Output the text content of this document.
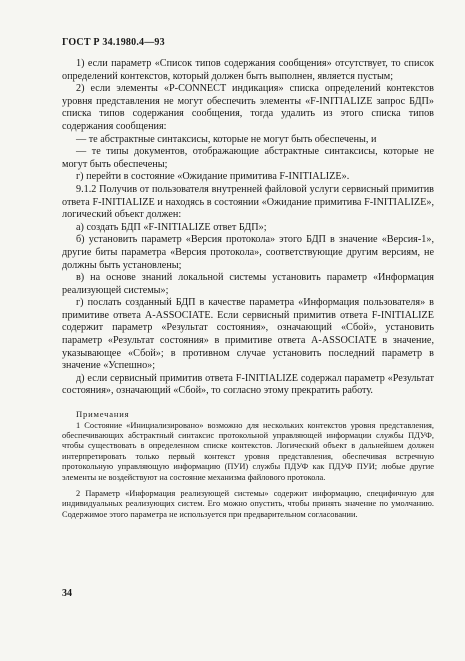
ГОСТ Р 34.1980.4—93

1) если параметр «Список типов содержания сообщения» отсутствует, то список определений контекстов, который должен быть выполнен, является пустым;

2) если элементы «P-CONNECT индикация» списка определений контекстов уровня представления не могут обеспечить элементы «F-INITIALIZE запрос БДП» списка типов содержания сообщения, тогда удалить из этого списка типов содержания сообщения:

— те абстрактные синтаксисы, которые не могут быть обеспечены, и

— те типы документов, отображающие абстрактные синтаксисы, которые не могут быть обеспечены;

г) перейти в состояние «Ожидание примитива F-INITIALIZE».

9.1.2 Получив от пользователя внутренней файловой услуги сервисный примитив ответа F-INITIALIZE и находясь в состоянии «Ожидание примитива F-INITIALIZE», логический объект должен:

а) создать БДП «F-INITIALIZE ответ БДП»;

б) установить параметр «Версия протокола» этого БДП в значение «Версия-1», другие биты параметра «Версия протокола», соответствующие другим версиям, не должны быть установлены;

в) на основе знаний локальной системы установить параметр «Информация реализующей системы»;

г) послать созданный БДП в качестве параметра «Информация пользователя» в примитиве ответа A-ASSOCIATE. Если сервисный примитив ответа F-INITIALIZE содержит параметр «Результат состояния», означающий «Сбой», установить параметр «Результат состояния» в примитиве ответа A-ASSOCIATE в значение, указывающее «Сбой»; в противном случае установить последний параметр в значение «Успешно»;

д) если сервисный примитив ответа F-INITIALIZE содержал параметр «Результат состояния», означающий «Сбой», то согласно этому прекратить работу.

Примечания

1 Состояние «Инициализировано» возможно для нескольких контекстов уровня представления, обеспечивающих абстрактный синтаксис протокольной управляющей информации службы ПДУФ, чтобы существовать в определенном списке контекстов. Логический объект в дальнейшем должен интерпретировать только первый контекст уровня представления, обеспечивая встречную протокольную управляющую информацию (ПУИ) службы ПДУФ как ПДУФ ПУИ; любые другие элементы не воздействуют на состояние механизма файлового протокола.

2 Параметр «Информация реализующей системы» содержит информацию, специфичную для индивидуальных реализующих систем. Его можно опустить, чтобы принять значение по умолчанию. Содержимое этого параметра не используется при предварительном согласовании.

34
